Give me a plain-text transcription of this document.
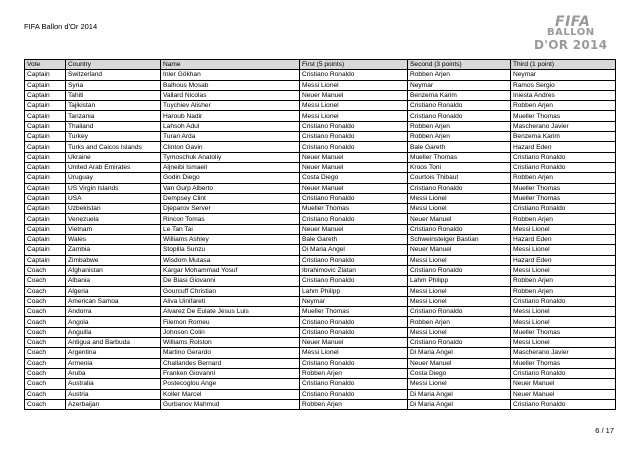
FIFA Ballon d'Or 2014	FIFA
BALLON
D'OR 2014
Vote	Country	Name	First (5 points)	Second (3 points)	Third (1 point)
Captain	Switzerland	Inler Gökhan	Cristiano Ronaldo	Robben Arjen	Neymar
Captain	Syria	Balhous Mosab	Messi Lionel	Neymar	Ramos Sergio
Captain	Tahiti	Vallard Nicolas	Neuer Manuel	Benzema Karim	Iniesta Andres
Captain	Tajikistan	Tuychiev Alisher	Messi Lionel	Cristiano Ronaldo	Robben Arjen
Captain	Tanzania	Haroub Nadir	Messi Lionel	Cristiano Ronaldo	Mueller Thomas
Captain	Thailand	Lahsoh Adul	Cristiano Ronaldo	Robben Arjen	Mascherano Javier
Captain	Turkey	Turan Arda	Cristiano Ronaldo	Robben Arjen	Benzema Karim
Captain	Turks and Caicos Islands	Clinton Gavin	Cristiano Ronaldo	Bale Gareth	Hazard Eden
Captain	Ukraine	Tymoschuk Anatoliy	Neuer Manuel	Mueller Thomas	Cristiano Ronaldo
Captain	United Arab Emirates	Aljneibi Ismaeil	Neuer Manuel	Kroos Toni	Cristiano Ronaldo
Captain	Uruguay	Godin Diego	Costa Diego	Courtois Thibaut	Robben Arjen
Captain	US Virgin Islands	Van Gurp Alberto	Neuer Manuel	Cristiano Ronaldo	Mueller Thomas
Captain	USA	Dempsey Clint	Cristiano Ronaldo	Messi Lionel	Mueller Thomas
Captain	Uzbekistan	Djeparov Server	Mueller Thomas	Messi Lionel	Cristiano Ronaldo
Captain	Venezuela	Rincon Tomas	Cristiano Ronaldo	Neuer Manuel	Robben Arjen
Captain	Vietnam	Le Tan Tai	Neuer Manuel	Cristiano Ronaldo	Messi Lionel
Captain	Wales	Williams Ashley	Bale Gareth	Schweinsteiger Bastian	Hazard Eden
Captain	Zambia	Stopilla Sunzu	Di Maria Angel	Neuer Manuel	Messi Lionel
Captain	Zimbabwe	Wisdom Mutasa	Cristiano Ronaldo	Messi Lionel	Hazard Eden
Coach	Afghanistan	Kargar Mohammad Yosuf	Ibrahimovic Zlatan	Cristiano Ronaldo	Messi Lionel
Coach	Albania	De Biasi Giovanni	Cristiano Ronaldo	Lahm Philipp	Robben Arjen
Coach	Algeria	Gourcuff Christian	Lahm Philipp	Messi Lionel	Robben Arjen
Coach	American Samoa	Aliva Uinifareti	Neymar	Messi Lionel	Cristiano Ronaldo
Coach	Andorra	Alvarez De Eulate Jesus Luis	Mueller Thomas	Cristiano Ronaldo	Messi Lionel
Coach	Angola	Filemon Romeu	Cristiano Ronaldo	Robben Arjen	Messi Lionel
Coach	Anguilla	Johnson Colin	Cristiano Ronaldo	Messi Lionel	Mueller Thomas
Coach	Antigua and Barbuda	Williams Rolston	Neuer Manuel	Cristiano Ronaldo	Messi Lionel
Coach	Argentina	Martino Gerardo	Messi Lionel	Di Maria Angel	Mascherano Javier
Coach	Armenia	Challandes Bernard	Cristiano Ronaldo	Neuer Manuel	Mueller Thomas
Coach	Aruba	Franken Giovanni	Robben Arjen	Costa Diego	Cristiano Ronaldo
Coach	Australia	Postecoglou Ange	Cristiano Ronaldo	Messi Lionel	Neuer Manuel
Coach	Austria	Koller Marcel	Cristiano Ronaldo	Di Maria Angel	Neuer Manuel
Coach	Azerbaijan	Gurbanov Mahmud	Robben Arjen	Di Maria Angel	Cristiano Ronaldo
6 / 17
